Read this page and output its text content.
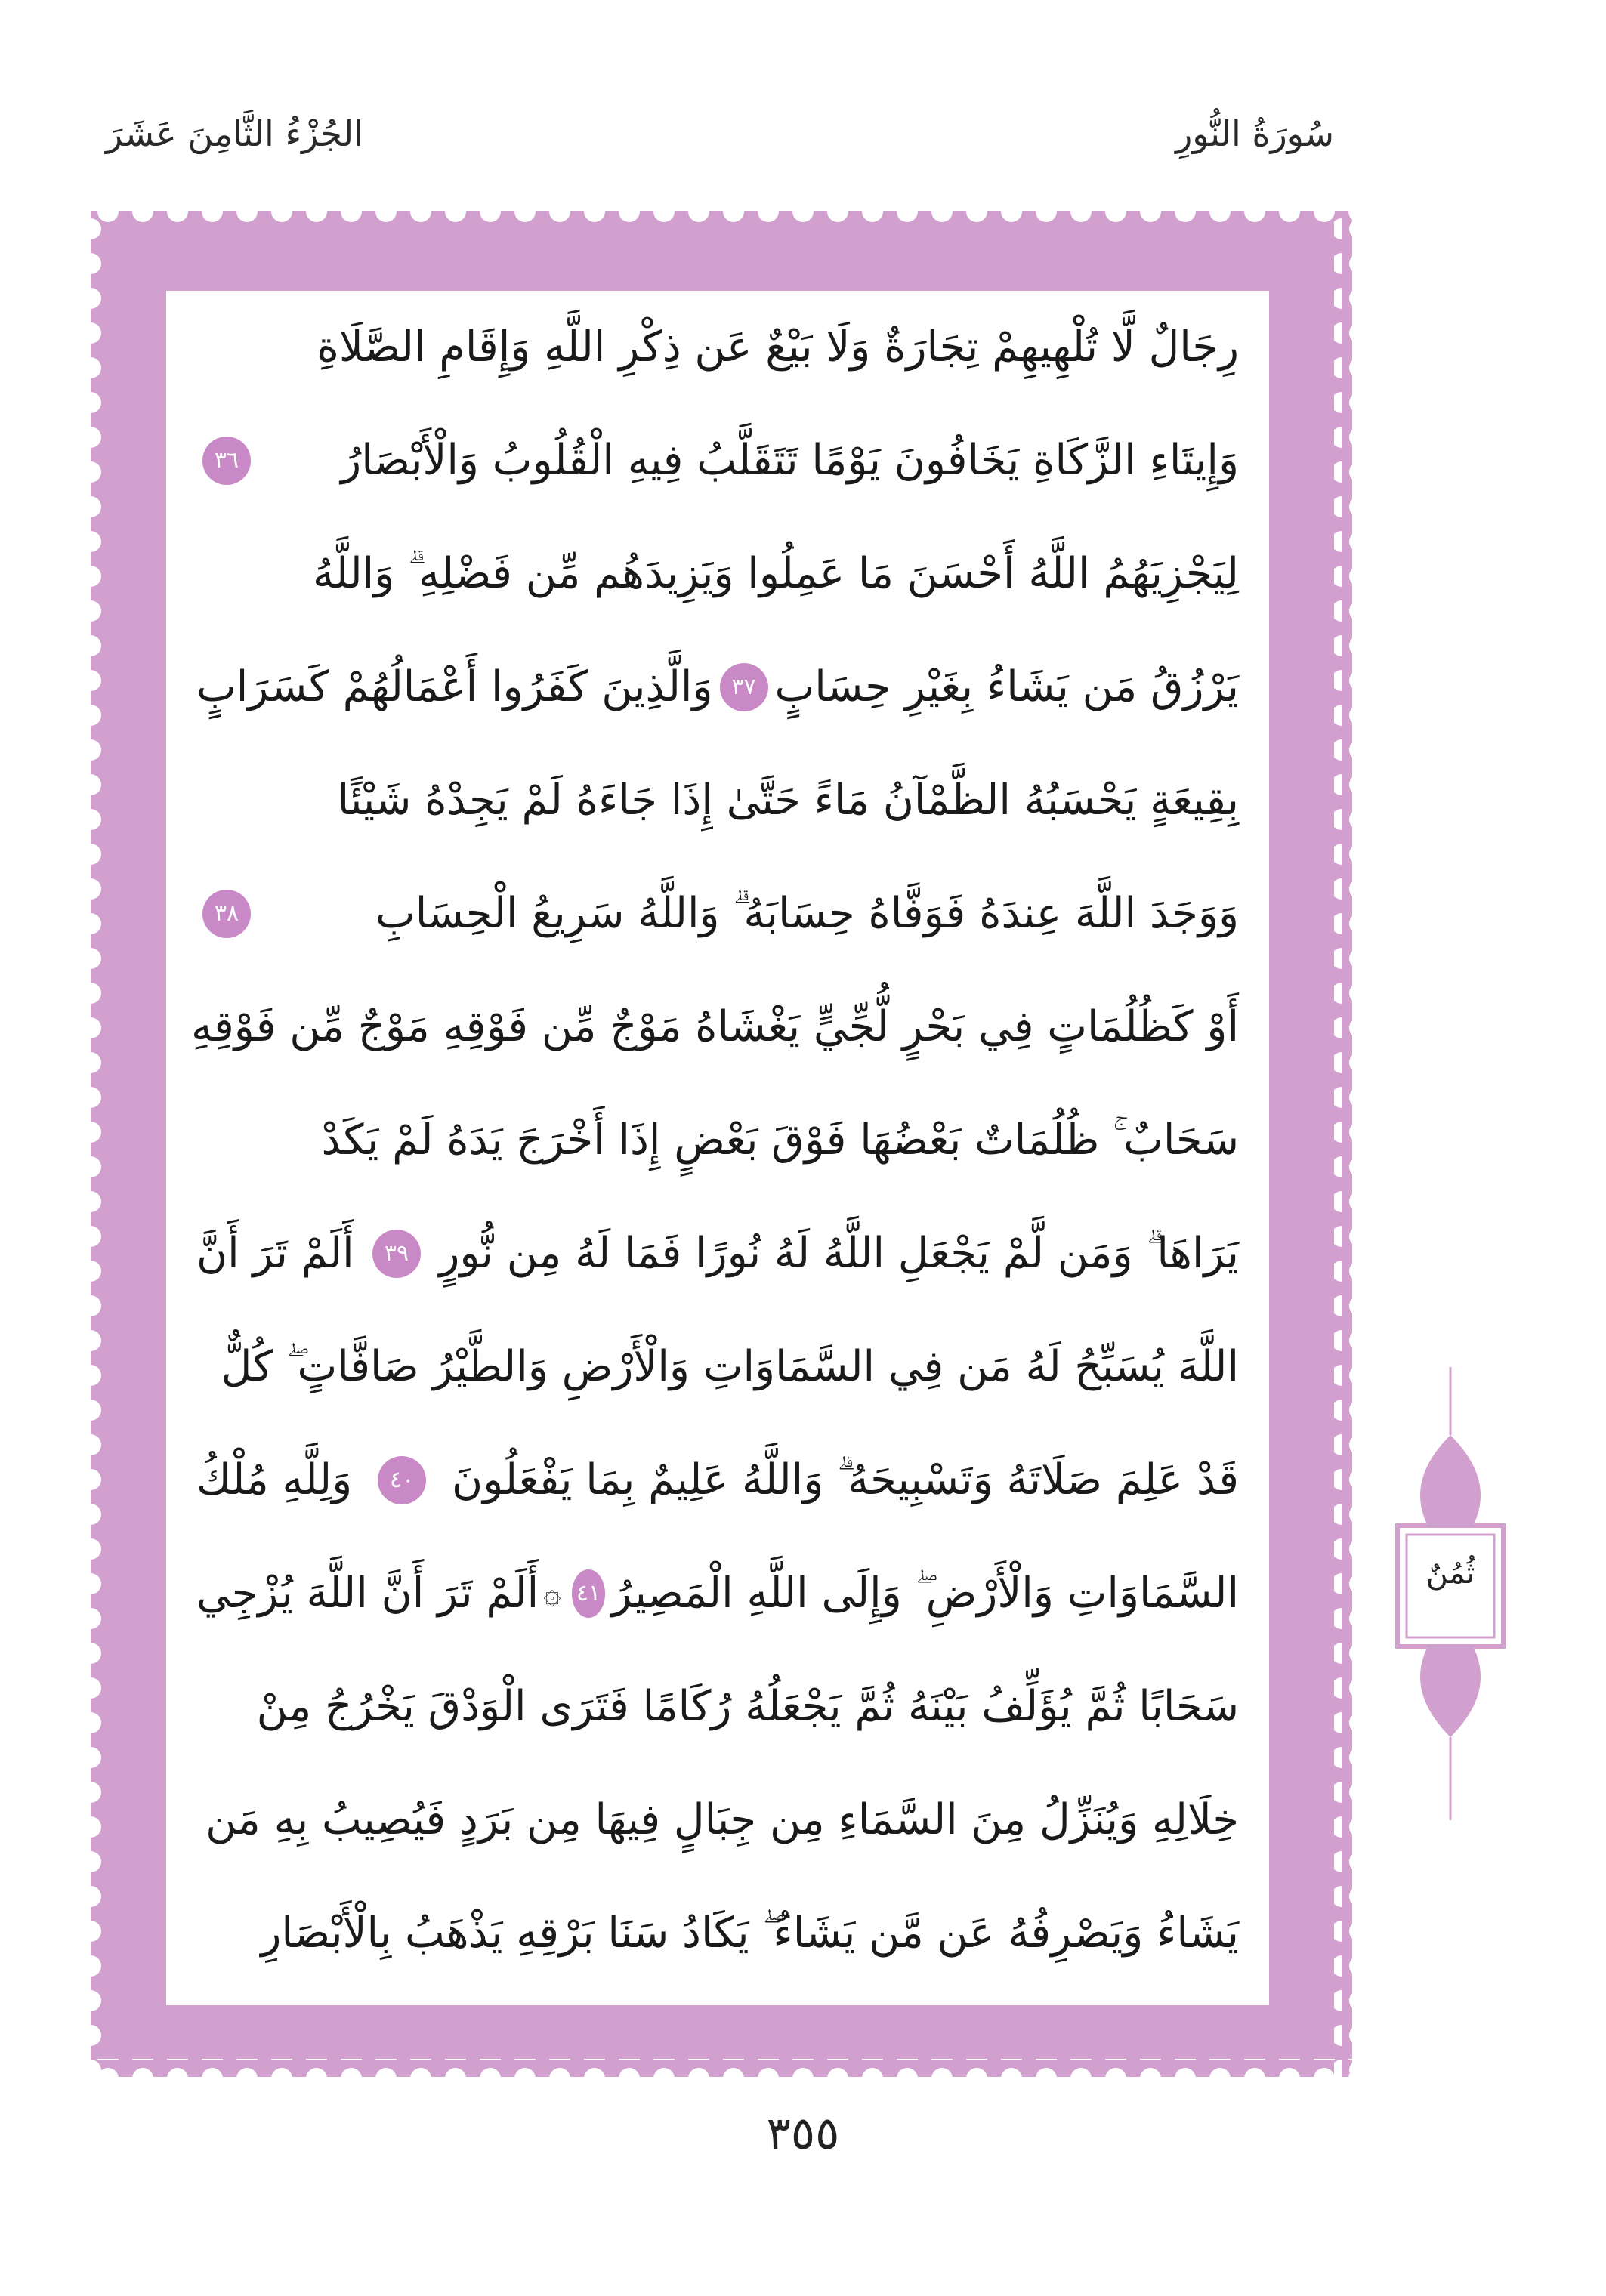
سُورَةُ النُّورِ
الجُزْءُ الثَّامِنَ عَشَرَ
رِجَالٌ لَّا تُلْهِيهِمْ تِجَارَةٌ وَلَا بَيْعٌ عَن ذِكْرِ اللَّهِ وَإِقَامِ الصَّلَاةِ
وَإِيتَاءِ الزَّكَاةِ يَخَافُونَ يَوْمًا تَتَقَلَّبُ فِيهِ الْقُلُوبُ وَالْأَبْصَارُ
٣٦
لِيَجْزِيَهُمُ اللَّهُ أَحْسَنَ مَا عَمِلُوا وَيَزِيدَهُم مِّن فَضْلِهِ ۗ وَاللَّهُ
يَرْزُقُ مَن يَشَاءُ بِغَيْرِ حِسَابٍ
٣٧
وَالَّذِينَ كَفَرُوا أَعْمَالُهُمْ كَسَرَابٍ
بِقِيعَةٍ يَحْسَبُهُ الظَّمْآنُ مَاءً حَتَّىٰ إِذَا جَاءَهُ لَمْ يَجِدْهُ شَيْئًا
وَوَجَدَ اللَّهَ عِندَهُ فَوَفَّاهُ حِسَابَهُ ۗ وَاللَّهُ سَرِيعُ الْحِسَابِ
٣٨
أَوْ كَظُلُمَاتٍ فِي بَحْرٍ لُّجِّيٍّ يَغْشَاهُ مَوْجٌ مِّن فَوْقِهِ مَوْجٌ مِّن فَوْقِهِ
سَحَابٌ ۚ ظُلُمَاتٌ بَعْضُهَا فَوْقَ بَعْضٍ إِذَا أَخْرَجَ يَدَهُ لَمْ يَكَدْ
يَرَاهَا ۗ وَمَن لَّمْ يَجْعَلِ اللَّهُ لَهُ نُورًا فَمَا لَهُ مِن نُّورٍ
٣٩
أَلَمْ تَرَ أَنَّ
اللَّهَ يُسَبِّحُ لَهُ مَن فِي السَّمَاوَاتِ وَالْأَرْضِ وَالطَّيْرُ صَافَّاتٍ ۖ كُلٌّ
قَدْ عَلِمَ صَلَاتَهُ وَتَسْبِيحَهُ ۗ وَاللَّهُ عَلِيمٌ بِمَا يَفْعَلُونَ
٤٠
وَلِلَّهِ مُلْكُ
السَّمَاوَاتِ وَالْأَرْضِ ۖ وَإِلَى اللَّهِ الْمَصِيرُ
٤١
۞
أَلَمْ تَرَ أَنَّ اللَّهَ يُزْجِي
سَحَابًا ثُمَّ يُؤَلِّفُ بَيْنَهُ ثُمَّ يَجْعَلُهُ رُكَامًا فَتَرَى الْوَدْقَ يَخْرُجُ مِنْ
خِلَالِهِ وَيُنَزِّلُ مِنَ السَّمَاءِ مِن جِبَالٍ فِيهَا مِن بَرَدٍ فَيُصِيبُ بِهِ مَن
يَشَاءُ وَيَصْرِفُهُ عَن مَّن يَشَاءُ ۖ يَكَادُ سَنَا بَرْقِهِ يَذْهَبُ بِالْأَبْصَارِ
ثُمُنٌ
٣٥٥
